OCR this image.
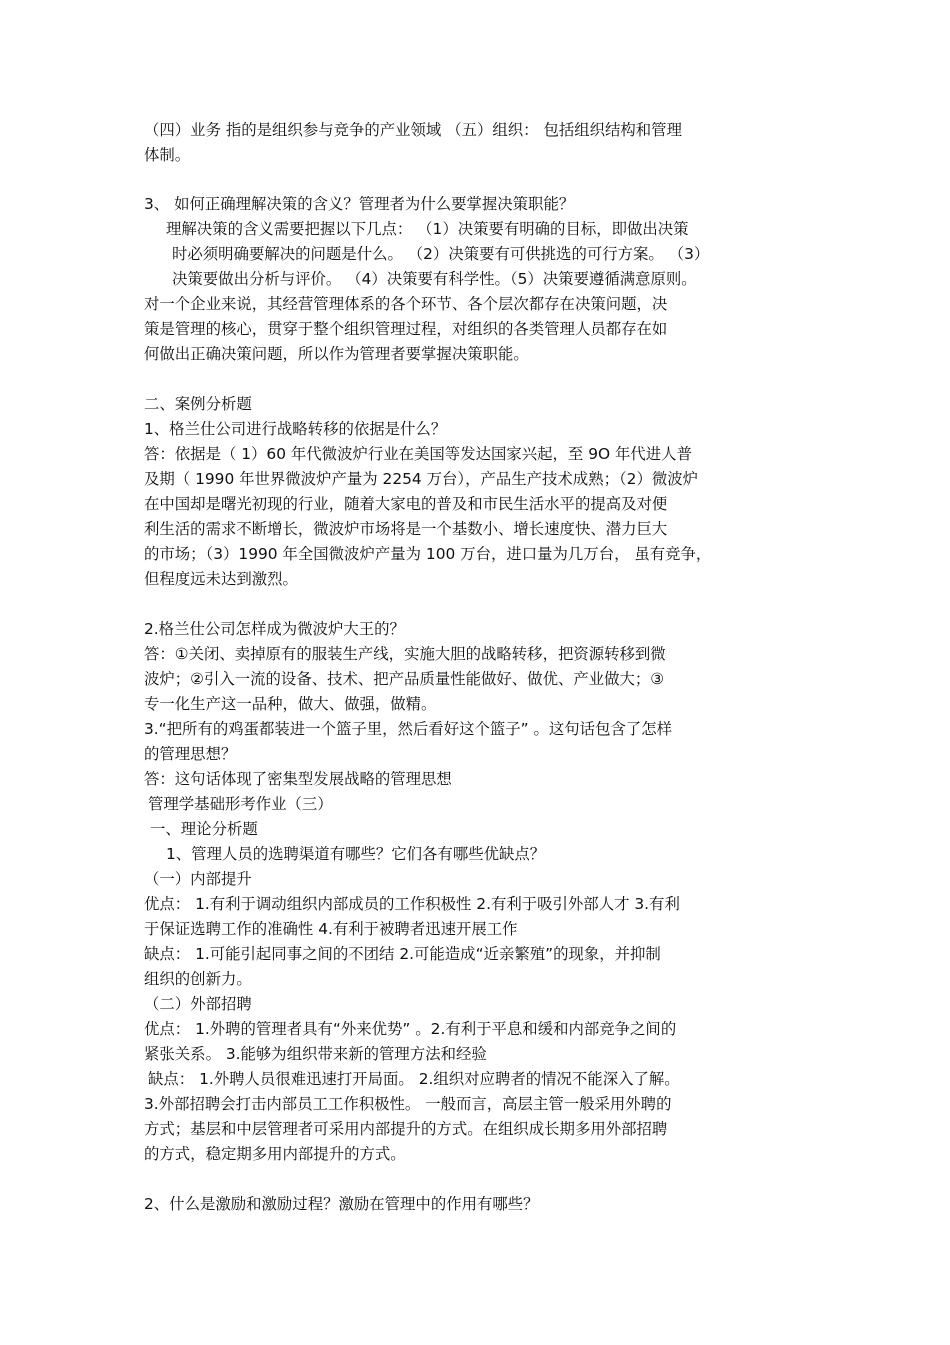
（四）业务 指的是组织参与竞争的产业领域 （五）组织： 包括组织结构和管理
体制。
3、 如何正确理解决策的含义？管理者为什么要掌握决策职能？
理解决策的含义需要把握以下几点： （1）决策要有明确的目标，即做出决策
时必须明确要解决的问题是什么。 （2）决策要有可供挑选的可行方案。 （3）
决策要做出分析与评价。 （4）决策要有科学性。（5）决策要遵循满意原则。
对一个企业来说，其经营管理体系的各个环节、各个层次都存在决策问题，决
策是管理的核心，贯穿于整个组织管理过程，对组织的各类管理人员都存在如
何做出正确决策问题，所以作为管理者要掌握决策职能。
二、案例分析题
1、格兰仕公司进行战略转移的依据是什么？
答：依据是（ 1）60 年代微波炉行业在美国等发达国家兴起，至 9O 年代进人普
及期（ 1990 年世界微波炉产量为 2254 万台），产品生产技术成熟；（2）微波炉
在中国却是曙光初现的行业，随着大家电的普及和市民生活水平的提高及对便
利生活的需求不断增长，微波炉市场将是一个基数小、增长速度快、潜力巨大
的市场；（3）1990 年全国微波炉产量为 100 万台，进口量为几万台， 虽有竞争，
但程度远未达到激烈。
2.格兰仕公司怎样成为微波炉大王的？
答：①关闭、卖掉原有的服装生产线，实施大胆的战略转移，把资源转移到微
波炉；②引入一流的设备、技术、把产品质量性能做好、做优、产业做大；③
专一化生产这一品种，做大、做强，做精。
3.“把所有的鸡蛋都装进一个篮子里，然后看好这个篮子” 。这句话包含了怎样
的管理思想？
答：这句话体现了密集型发展战略的管理思想
管理学基础形考作业（三）
一、理论分析题
1、管理人员的选聘渠道有哪些？它们各有哪些优缺点？
（一）内部提升
优点： 1.有利于调动组织内部成员的工作积极性 2.有利于吸引外部人才 3.有利
于保证选聘工作的准确性 4.有利于被聘者迅速开展工作
缺点： 1.可能引起同事之间的不团结 2.可能造成“近亲繁殖”的现象，并抑制
组织的创新力。
（二）外部招聘
优点： 1.外聘的管理者具有“外来优势” 。2.有利于平息和缓和内部竞争之间的
紧张关系。 3.能够为组织带来新的管理方法和经验
缺点： 1.外聘人员很难迅速打开局面。 2.组织对应聘者的情况不能深入了解。
3.外部招聘会打击内部员工工作积极性。 一般而言，高层主管一般采用外聘的
方式；基层和中层管理者可采用内部提升的方式。在组织成长期多用外部招聘
的方式，稳定期多用内部提升的方式。
2、什么是激励和激励过程？激励在管理中的作用有哪些？
